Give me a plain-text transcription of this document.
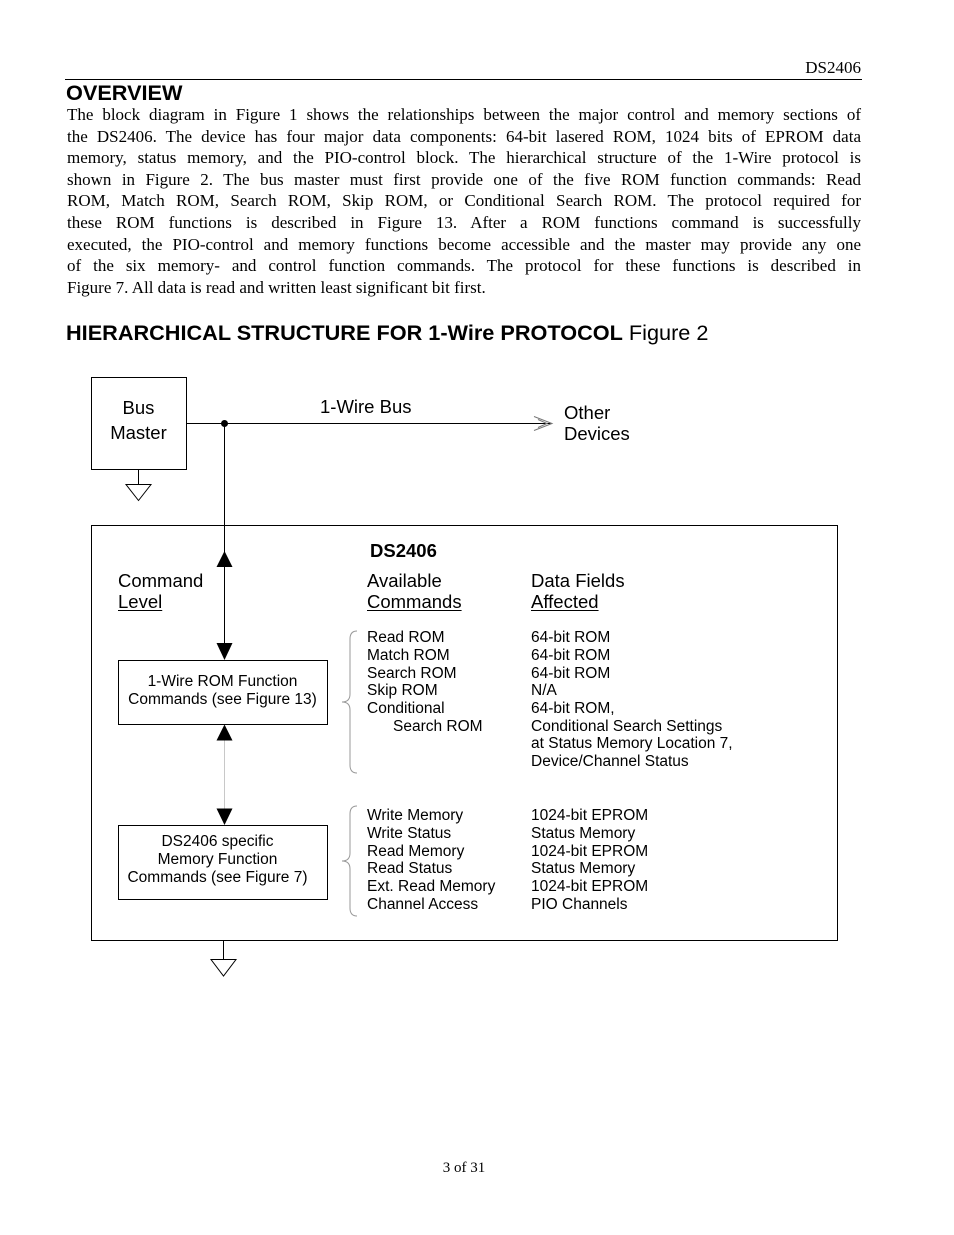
DS2406
OVERVIEW
The block diagram in Figure 1 shows the relationships between the major control and memory sections of
the DS2406. The device has four major data components: 64-bit lasered ROM, 1024 bits of EPROM data
memory, status memory, and the PIO-control block. The hierarchical structure of the 1-Wire protocol is
shown in Figure 2. The bus master must first provide one of the five ROM function commands: Read
ROM, Match ROM, Search ROM, Skip ROM, or Conditional Search ROM. The protocol required for
these ROM functions is described in Figure 13. After a ROM functions command is successfully
executed, the PIO-control and memory functions become accessible and the master may provide any one
of the six memory- and control function commands. The protocol for these functions is described in
Figure 7. All data is read and written least significant bit first.
HIERARCHICAL STRUCTURE FOR 1-Wire PROTOCOL Figure 2
Bus
Master
1-Wire Bus	Other
Devices
DS2406
Command
Level
Available
Commands
Data Fields
Affected
1-Wire ROM Function
Commands (see Figure 13)
DS2406 specific
Memory Function
Commands (see Figure 7)
Read ROM
Match ROM
Search ROM
Skip ROM
Conditional
Search ROM
64-bit ROM
64-bit ROM
64-bit ROM
N/A
64-bit ROM,
Conditional Search Settings
at Status Memory Location 7,
Device/Channel Status
Write Memory
Write Status
Read Memory
Read Status
Ext. Read Memory
Channel Access
1024-bit EPROM
Status Memory
1024-bit EPROM
Status Memory
1024-bit EPROM
PIO Channels
3 of 31
